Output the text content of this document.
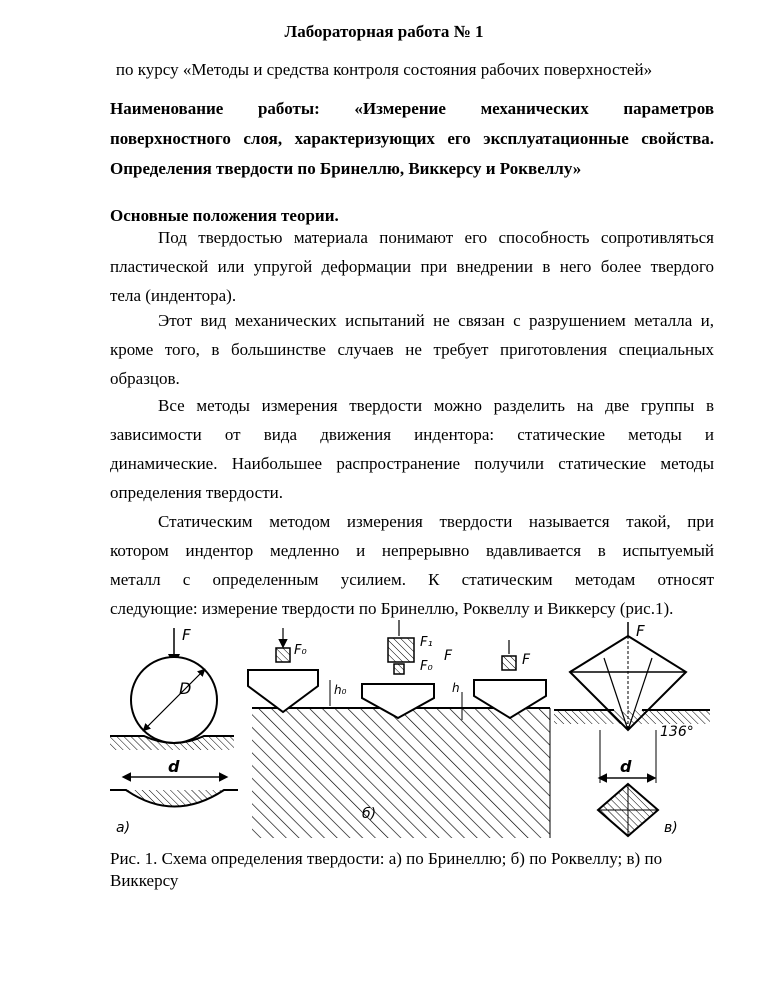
Лабораторная работа № 1
по курсу «Методы и средства контроля состояния рабочих поверхностей»
Наименование работы: «Измерение механических параметров
поверхностного слоя, характеризующих его эксплуатационные свойства.
Определения твердости по Бринеллю, Виккерсу и Роквеллу»
Основные положения теории.
Под твердостью материала понимают его способность сопротивляться
пластической или упругой деформации при внедрении в него более твердого
тела (индентора).
Этот вид механических испытаний не связан с разрушением металла и,
кроме того, в большинстве случаев не требует приготовления специальных
образцов.
Все методы измерения твердости можно разделить на две группы в
зависимости от вида движения индентора: статические методы и
динамические. Наибольшее распространение получили статические методы
определения твердости.
Статическим методом измерения твердости называется такой, при
котором индентор медленно и непрерывно вдавливается в испытуемый
металл с определенным усилием. К статическим методам относят
следующие: измерение твердости по Бринеллю, Роквеллу и Виккерсу (рис.1).
F
D
d
а)
F₀
h₀
F₁
F₀
F	F
h
б)
F
136°
d
в)
Рис. 1. Схема определения твердости: а) по Бринеллю; б) по Роквеллу; в) по Виккерсу
